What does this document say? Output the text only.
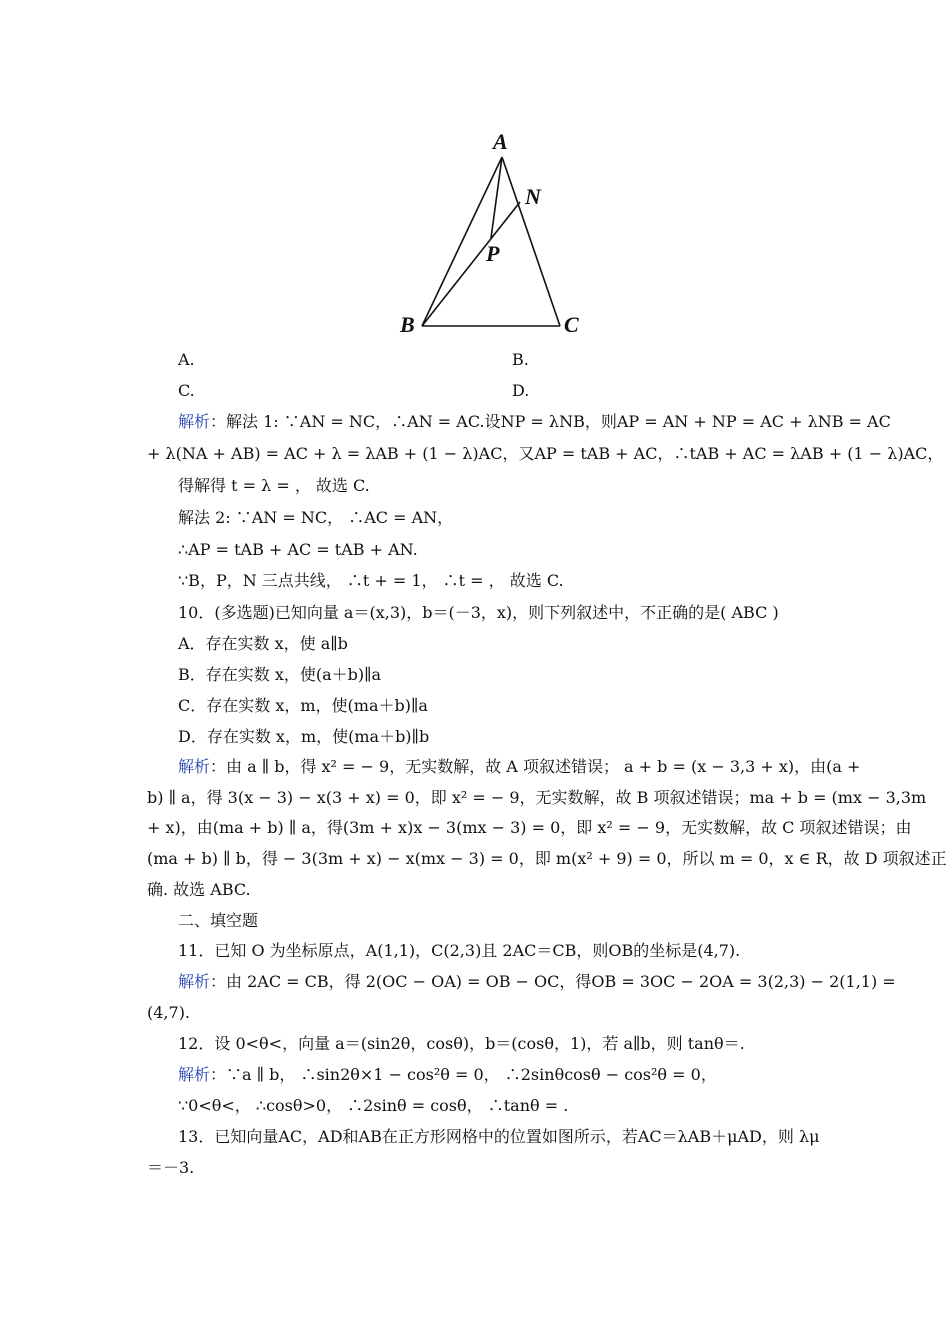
A
N
P
B	C
A.	B.
C.	D.
解析：解法 1: ∵AN = NC，∴AN = AC.设NP = λNB，则AP = AN + NP = AC + λNB = AC
+ λ(NA + AB) = AC + λ = λAB + (1 − λ)AC，又AP = tAB + AC，∴tAB + AC = λAB + (1 − λ)AC，
得解得 t = λ = ， 故选 C.
解法 2: ∵AN = NC， ∴AC = AN，
∴AP = tAB + AC = tAB + AN.
∵B，P，N 三点共线， ∴t + = 1， ∴t = ， 故选 C.
10．(多选题)已知向量 a＝(x,3)，b＝(－3，x)，则下列叙述中，不正确的是( ABC )
A．存在实数 x，使 a∥b
B．存在实数 x，使(a＋b)∥a
C．存在实数 x，m，使(ma＋b)∥a
D．存在实数 x，m，使(ma＋b)∥b
解析：由 a ∥ b，得 x² = − 9，无实数解，故 A 项叙述错误； a + b = (x − 3,3 + x)，由(a +
b) ∥ a，得 3(x − 3) − x(3 + x) = 0，即 x² = − 9，无实数解，故 B 项叙述错误；ma + b = (mx − 3,3m
+ x)，由(ma + b) ∥ a，得(3m + x)x − 3(mx − 3) = 0，即 x² = − 9，无实数解，故 C 项叙述错误；由
(ma + b) ∥ b，得 − 3(3m + x) − x(mx − 3) = 0，即 m(x² + 9) = 0，所以 m = 0，x ∈ R，故 D 项叙述正
确. 故选 ABC.
二、填空题
11．已知 O 为坐标原点，A(1,1)，C(2,3)且 2AC＝CB，则OB的坐标是(4,7).
解析：由 2AC = CB，得 2(OC − OA) = OB − OC，得OB = 3OC − 2OA = 3(2,3) − 2(1,1) =
(4,7).
12．设 0<θ<，向量 a＝(sin2θ，cosθ)，b＝(cosθ，1)，若 a∥b，则 tanθ＝.
解析：∵a ∥ b， ∴sin2θ×1 − cos²θ = 0， ∴2sinθcosθ − cos²θ = 0，
∵0<θ<， ∴cosθ>0， ∴2sinθ = cosθ， ∴tanθ = .
13．已知向量AC，AD和AB在正方形网格中的位置如图所示，若AC＝λAB＋μAD，则 λμ
＝－3.
